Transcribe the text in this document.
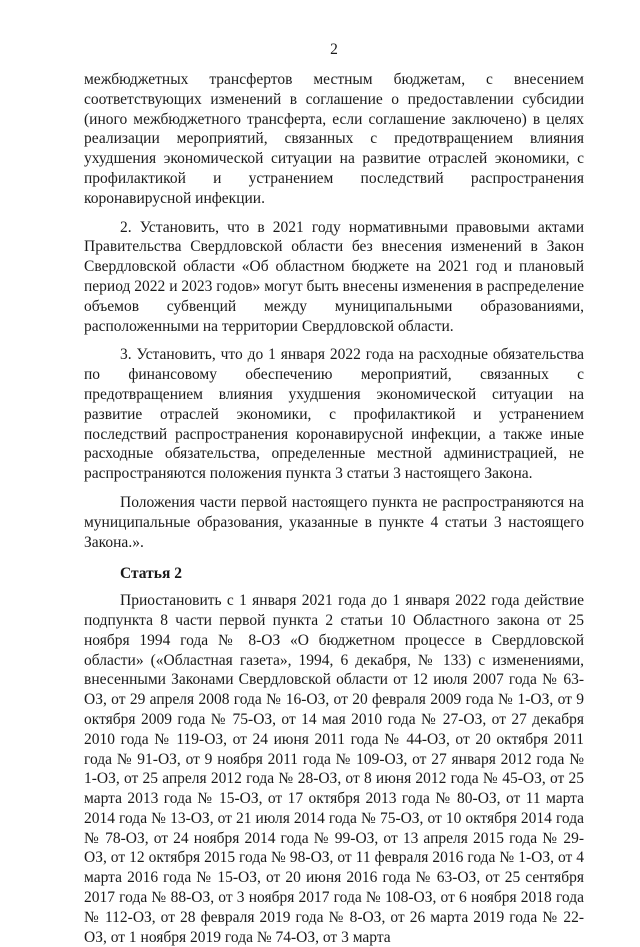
2

межбюджетных трансфертов местным бюджетам, с внесением соответствующих изменений в соглашение о предоставлении субсидии (иного межбюджетного трансферта, если соглашение заключено) в целях реализации мероприятий, связанных с предотвращением влияния ухудшения экономической ситуации на развитие отраслей экономики, с профилактикой и устранением последствий распространения коронавирусной инфекции.

2. Установить, что в 2021 году нормативными правовыми актами Правительства Свердловской области без внесения изменений в Закон Свердловской области «Об областном бюджете на 2021 год и плановый период 2022 и 2023 годов» могут быть внесены изменения в распределение объемов субвенций между муниципальными образованиями, расположенными на территории Свердловской области.

3. Установить, что до 1 января 2022 года на расходные обязательства по финансовому обеспечению мероприятий, связанных с предотвращением влияния ухудшения экономической ситуации на развитие отраслей экономики, с профилактикой и устранением последствий распространения коронавирусной инфекции, а также иные расходные обязательства, определенные местной администрацией, не распространяются положения пункта 3 статьи 3 настоящего Закона.

Положения части первой настоящего пункта не распространяются на муниципальные образования, указанные в пункте 4 статьи 3 настоящего Закона.».

Статья 2

Приостановить с 1 января 2021 года до 1 января 2022 года действие подпункта 8 части первой пункта 2 статьи 10 Областного закона от 25 ноября 1994 года № 8-ОЗ «О бюджетном процессе в Свердловской области» («Областная газета», 1994, 6 декабря, № 133) с изменениями, внесенными Законами Свердловской области от 12 июля 2007 года № 63-ОЗ, от 29 апреля 2008 года № 16-ОЗ, от 20 февраля 2009 года № 1-ОЗ, от 9 октября 2009 года № 75-ОЗ, от 14 мая 2010 года № 27-ОЗ, от 27 декабря 2010 года № 119-ОЗ, от 24 июня 2011 года № 44-ОЗ, от 20 октября 2011 года № 91-ОЗ, от 9 ноября 2011 года № 109-ОЗ, от 27 января 2012 года № 1-ОЗ, от 25 апреля 2012 года № 28-ОЗ, от 8 июня 2012 года № 45-ОЗ, от 25 марта 2013 года № 15-ОЗ, от 17 октября 2013 года № 80-ОЗ, от 11 марта 2014 года № 13-ОЗ, от 21 июля 2014 года № 75-ОЗ, от 10 октября 2014 года № 78-ОЗ, от 24 ноября 2014 года № 99-ОЗ, от 13 апреля 2015 года № 29-ОЗ, от 12 октября 2015 года № 98-ОЗ, от 11 февраля 2016 года № 1-ОЗ, от 4 марта 2016 года № 15-ОЗ, от 20 июня 2016 года № 63-ОЗ, от 25 сентября 2017 года № 88-ОЗ, от 3 ноября 2017 года № 108-ОЗ, от 6 ноября 2018 года № 112-ОЗ, от 28 февраля 2019 года № 8-ОЗ, от 26 марта 2019 года № 22-ОЗ, от 1 ноября 2019 года № 74-ОЗ, от 3 марта
